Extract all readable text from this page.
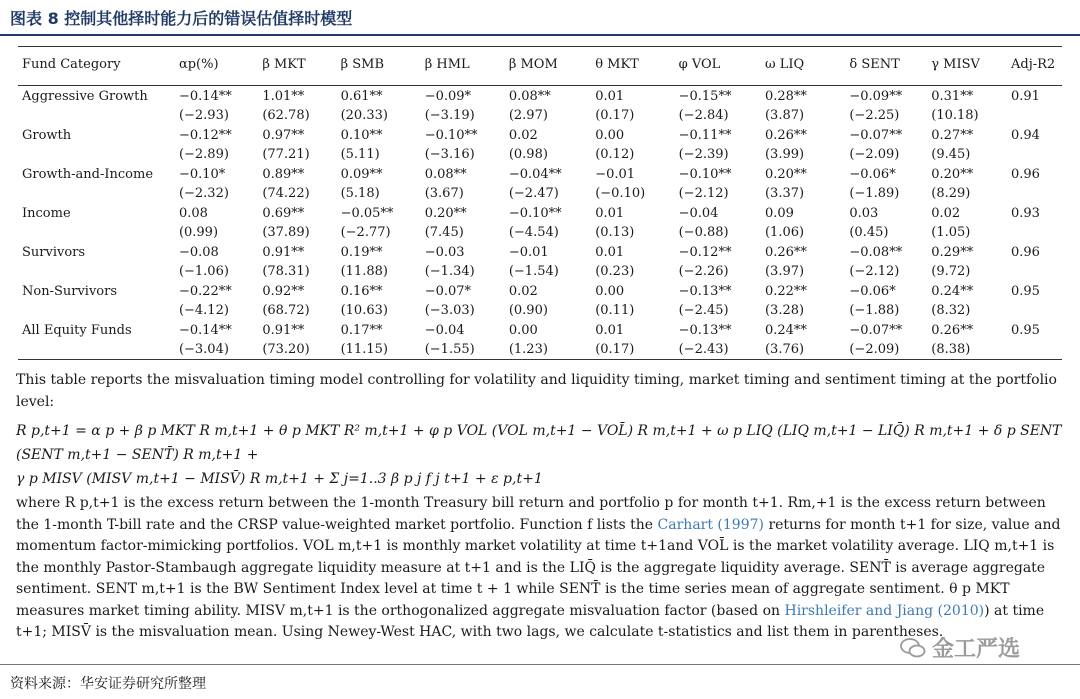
图表 8 控制其他择时能力后的错误估值择时模型
Fund Category	αp(%)	β MKT	β SMB	β HML	β MOM	θ MKT	φ VOL	ω LIQ	δ SENT	γ MISV	Adj-R2
Aggressive Growth	−0.14**	1.01**	0.61**	−0.09*	0.08**	0.01	−0.15**	0.28**	−0.09**	0.31**	0.91
	(−2.93)	(62.78)	(20.33)	(−3.19)	(2.97)	(0.17)	(−2.84)	(3.87)	(−2.25)	(10.18)	
Growth	−0.12**	0.97**	0.10**	−0.10**	0.02	0.00	−0.11**	0.26**	−0.07**	0.27**	0.94
	(−2.89)	(77.21)	(5.11)	(−3.16)	(0.98)	(0.12)	(−2.39)	(3.99)	(−2.09)	(9.45)	
Growth-and-Income	−0.10*	0.89**	0.09**	0.08**	−0.04**	−0.01	−0.10**	0.20**	−0.06*	0.20**	0.96
	(−2.32)	(74.22)	(5.18)	(3.67)	(−2.47)	(−0.10)	(−2.12)	(3.37)	(−1.89)	(8.29)	
Income	0.08	0.69**	−0.05**	0.20**	−0.10**	0.01	−0.04	0.09	0.03	0.02	0.93
	(0.99)	(37.89)	(−2.77)	(7.45)	(−4.54)	(0.13)	(−0.88)	(1.06)	(0.45)	(1.05)	
Survivors	−0.08	0.91**	0.19**	−0.03	−0.01	0.01	−0.12**	0.26**	−0.08**	0.29**	0.96
	(−1.06)	(78.31)	(11.88)	(−1.34)	(−1.54)	(0.23)	(−2.26)	(3.97)	(−2.12)	(9.72)	
Non-Survivors	−0.22**	0.92**	0.16**	−0.07*	0.02	0.00	−0.13**	0.22**	−0.06*	0.24**	0.95
	(−4.12)	(68.72)	(10.63)	(−3.03)	(0.90)	(0.11)	(−2.45)	(3.28)	(−1.88)	(8.32)	
All Equity Funds	−0.14**	0.91**	0.17**	−0.04	0.00	0.01	−0.13**	0.24**	−0.07**	0.26**	0.95
	(−3.04)	(73.20)	(11.15)	(−1.55)	(1.23)	(0.17)	(−2.43)	(3.76)	(−2.09)	(8.38)	

This table reports the misvaluation timing model controlling for volatility and liquidity timing, market timing and sentiment timing at the portfolio level:

R p,t+1 = α p + β p MKT R m,t+1 + θ p MKT R² m,t+1 + φ p VOL (VOL m,t+1 − VOL̄) R m,t+1 + ω p LIQ (LIQ m,t+1 − LIQ̄) R m,t+1 + δ p SENT (SENT m,t+1 − SENT̄) R m,t+1 +
γ p MISV (MISV m,t+1 − MISV̄) R m,t+1 + Σ j=1..3 β p j f j t+1 + ε p,t+1

where R p,t+1 is the excess return between the 1-month Treasury bill return and portfolio p for month t+1. Rm,+1 is the excess return between the 1-month T-bill rate and the CRSP value-weighted market portfolio. Function f lists the Carhart (1997) returns for month t+1 for size, value and momentum factor-mimicking portfolios. VOL m,t+1 is monthly market volatility at time t+1and VOL̄ is the market volatility average. LIQ m,t+1 is the monthly Pastor-Stambaugh aggregate liquidity measure at t+1 and is the LIQ̄ is the aggregate liquidity average. SENT̄ is average aggregate sentiment. SENT m,t+1 is the BW Sentiment Index level at time t + 1 while SENT̄ is the time series mean of aggregate sentiment. θ p MKT measures market timing ability. MISV m,t+1 is the orthogonalized aggregate misvaluation factor (based on Hirshleifer and Jiang (2010)) at time t+1; MISV̄ is the misvaluation mean. Using Newey-West HAC, with two lags, we calculate t-statistics and list them in parentheses.

金工严选
资料来源：华安证券研究所整理
